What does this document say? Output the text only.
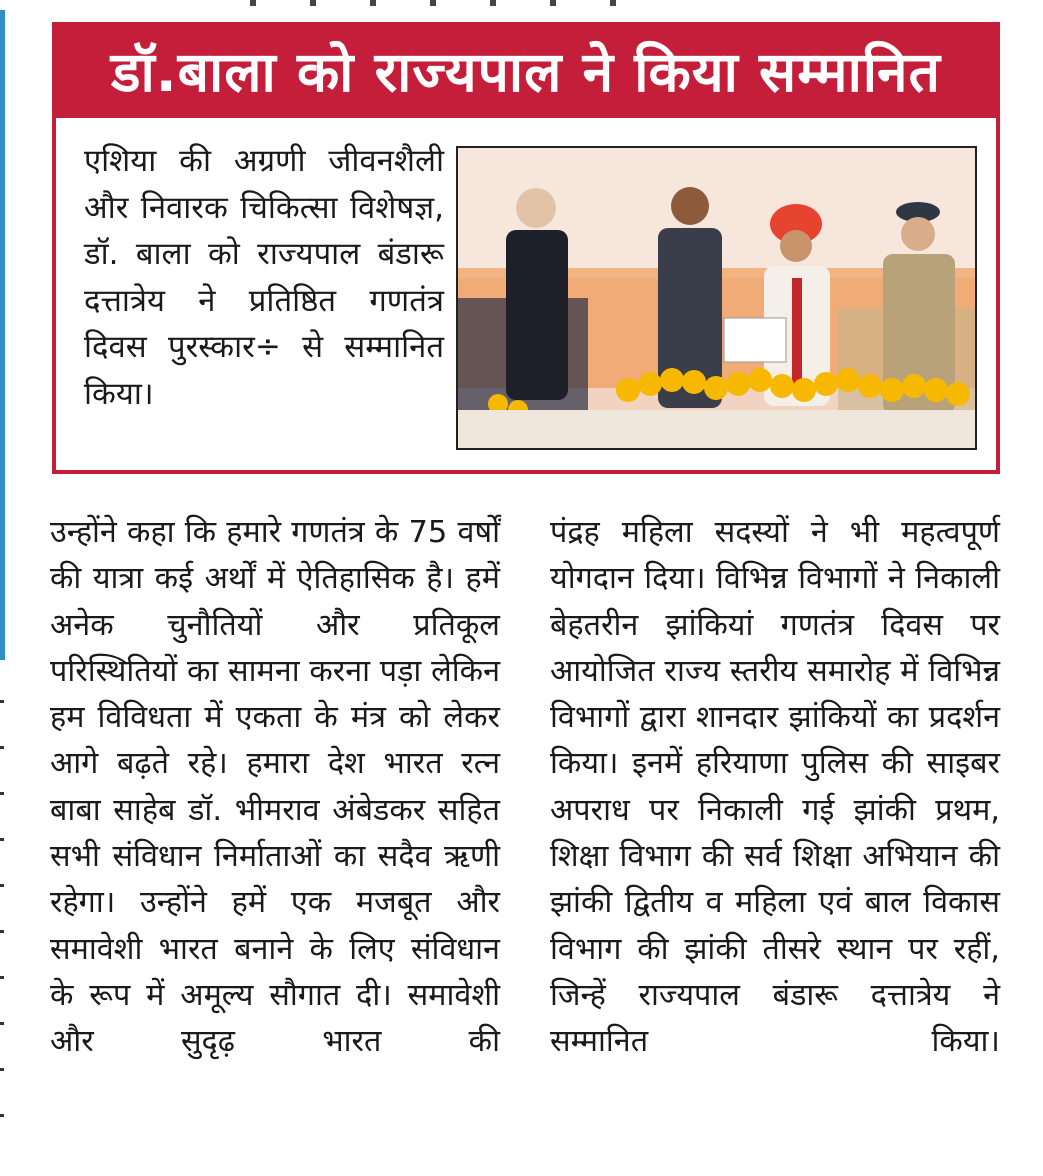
डॉ.बाला को राज्यपाल ने किया सम्मानित
एशिया की अग्रणी जीवनशैली और निवारक चिकित्सा विशेषज्ञ, डॉ. बाला को राज्यपाल बंडारू दत्तात्रेय ने प्रतिष्ठित गणतंत्र दिवस पुरस्कार÷ से सम्मानित किया।

उन्होंने कहा कि हमारे गणतंत्र के 75 वर्षों की यात्रा कई अर्थों में ऐतिहासिक है। हमें अनेक चुनौतियों और प्रतिकूल परिस्थितियों का सामना करना पड़ा लेकिन हम विविधता में एकता के मंत्र को लेकर आगे बढ़ते रहे। हमारा देश भारत रत्न बाबा साहेब डॉ. भीमराव अंबेडकर सहित सभी संविधान निर्माताओं का सदैव ऋणी रहेगा। उन्होंने हमें एक मजबूत और समावेशी भारत बनाने के लिए संविधान के रूप में अमूल्य सौगात दी। समावेशी और सुदृढ़ भारत की

पंद्रह महिला सदस्यों ने भी महत्वपूर्ण योगदान दिया। विभिन्न विभागों ने निकाली बेहतरीन झांकियां गणतंत्र दिवस पर आयोजित राज्य स्तरीय समारोह में विभिन्न विभागों द्वारा शानदार झांकियों का प्रदर्शन किया। इनमें हरियाणा पुलिस की साइबर अपराध पर निकाली गई झांकी प्रथम, शिक्षा विभाग की सर्व शिक्षा अभियान की झांकी द्वितीय व महिला एवं बाल विकास विभाग की झांकी तीसरे स्थान पर रहीं, जिन्हें राज्यपाल बंडारू दत्तात्रेय ने सम्मानित किया।
